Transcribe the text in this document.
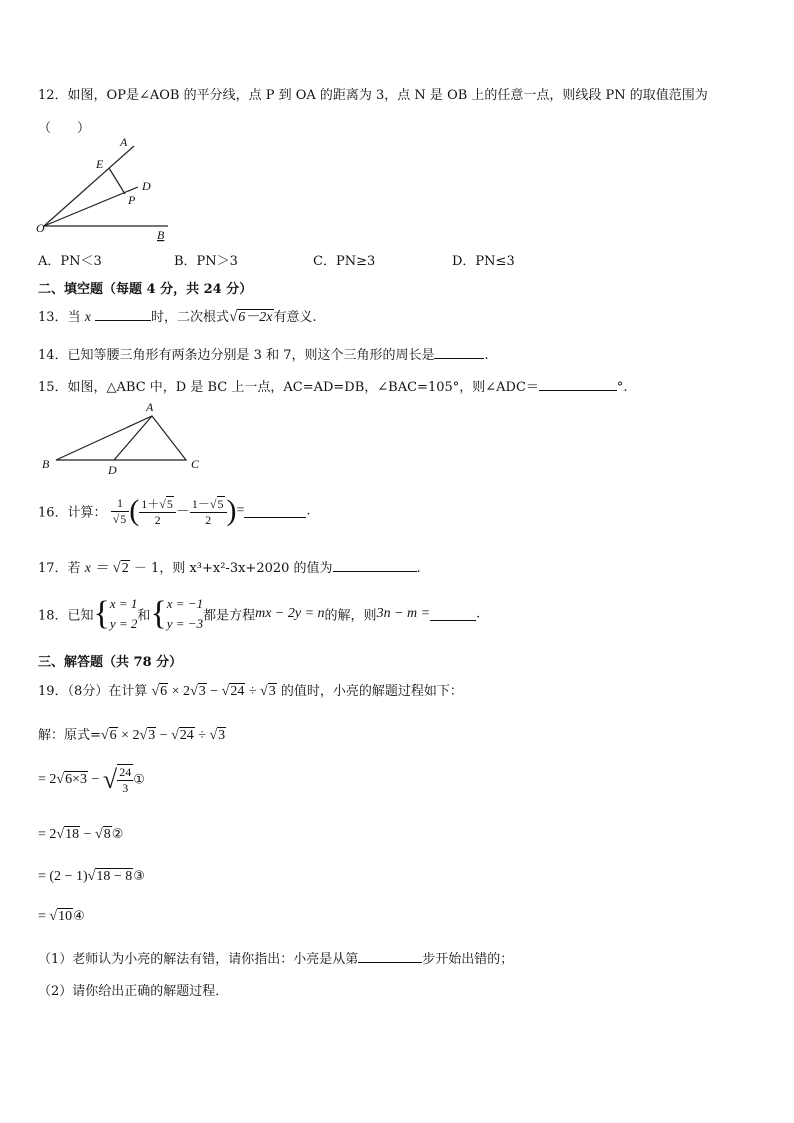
12．如图，OP是∠AOB 的平分线，点 P 到 OA 的距离为 3，点 N 是 OB 上的任意一点，则线段 PN 的取值范围为
（　　）
A
E
D
P
O	B
A．PN＜3	B．PN＞3	C．PN≥3	D．PN≤3
二、填空题（每题 4 分，共 24 分）
13．当 x	时，二次根式√6－2x有意义.
14．已知等腰三角形有两条边分别是 3 和 7，则这个三角形的周长是	.
15．如图，△ABC 中，D 是 BC 上一点，AC=AD=DB，∠BAC=105°，则∠ADC＝	°.
A
B	D	C
16．计算： $\frac{1}{√5}$ ( $\frac{1+√5}{2} - \frac{1-√5}{2}$ )=	.
17．若 x ＝ √2 － 1，则 x³+x²-3x+2020 的值为	.
18．已知{ x = 1
y = 2 和{ x = −1
y = −3 都是方程mx − 2y = n的解，则3n − m =	.
三、解答题（共 78 分）
19．（8分）在计算 √6 × 2√3 − √24 ÷ √3 的值时，小亮的解题过程如下：
解：原式=√6 × 2√3 − √24 ÷ √3
= 2√6×3 − √ $\frac{24}{3}$ ①
= 2√18 − √8②
= (2 − 1)√18 − 8③
= √10④
（1）老师认为小亮的解法有错，请你指出：小亮是从第	步开始出错的；
（2）请你给出正确的解题过程．
